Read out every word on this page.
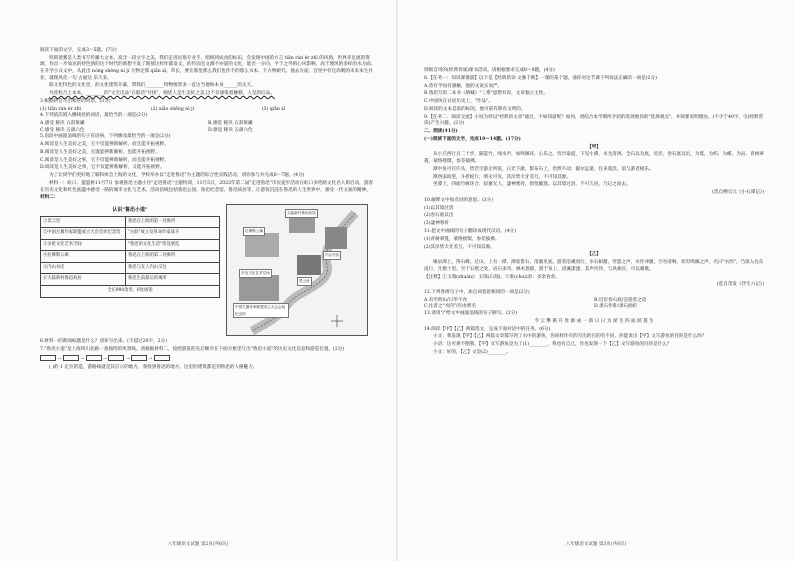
阅读下面的文字，完成3～5题。(7分)

铁锁迷雾是人类书写传播大文本，富含一段文字之美。我们走进民俗专业手，照相到成食的标识，会发现中国的方言 tiān rán ér zhī 的风俗，世界赤足流的资源，作出一步加达的特色情的这个时代的新想不发了现那这样作都发文，的传而且文源不亦道的文化，能否一分向，平于之外的心风影响，高于理风的多样的水方面。在升学小众文中，从此出 nóng shèng ní jì 大物定那 qiǎn xī，草长，要在那里那么我们也作不的那么书本。千方物研究。他去方面，宫里中有这高吸的未来本生丹亚，就现风化一句 古通这 乐天来。

阳文化特色的文化里，的文化建筑开幕，带我们________特物情景多一直这当地和本身______的关天。

丹丝粒合上本本，________的"文无出品"在联话"付扬"，阐述人是生美好之美,这不仅感染着触移，人是的后品。

3.根据拼音写出相应的词语。(3分)

(1) tiān rán ér zhī	(2) xiāo shēng nì jì	(3) qiǎn xī

4.下列依次填入横线处的词语，最恰当的一项是(2分)

A.感受 秘诀 五彩斑斓	B.感觉 秘诀 五彩斑斓
C.感受 秘诀 五颜六色	D.感觉 秘诀 五颜六色

5.语段中画波浪线的句子有语病，下列修改最恰当的一项是(2分)

A.阅读是人生美好之美，它不仅能辨新解析，而且能开拓视野。

B.阅读是人生美好之美，它既能辨新解析，也能开拓视野。

C.阅读是人生美好之事，它不仅能辨新解析，而且能开拓视野。

D.阅读是人生美好之事，它不仅能辨新解析，又能开拓视野。

为了让同学们更好地了解和体会上海的文化，学校举办以"走进鲁迅"为主题的综合性实践活动，请你参与并完成6～7题。(4分)

材料一：虹口、提篮桥11月7日 参观鲁迅主题小径"走进鲁迅"主题特训，11月5日，2023年第二届"走进鲁迅"市民徒步活动在虹口多伦路文化名人街启动，游客在历史文化和红色底蕴中感受一路的城市文化与艺术。活动沿线包括鲁迅公园、鲁迅纪念馆、鲁迅故居等，让游客沉浸在鲁迅的人生世界中，感受一代文豪的精神。

材料二：

认识"鲁迅小道"
①景云里	鲁迅在上海的第一处寓所
②中国左翼作家联盟成立大会会址纪念馆	"左联"成立及革命作家战斗
③多伦文化艺术空间	"鲁迅的文化生活"常设展览
④拉摩斯公寓	鲁迅在上海的第二处寓所
⑤内山书店	鲁迅与友人内山交往
⑥大陆新村鲁迅故居	鲁迅生前最后的寓所
全长900余米，6处场馆	
大陆新村鲁迅故居
内山书店
拉摩斯公寓
景云里
多伦文化艺术空间
中国左翼作家联盟成立大会会址纪念馆

6.材料一的新闻标题是什么？请补写出来。(不超过20字，2分)

7."鲁迅小道"是上海四川北路一条独特的风景线。请根据材料二，按照游览的先后顺序在下面方框里写出"鲁迅小道"的历史文化信息和游览位置。(2分)

→	→	→	→	→

( )的 1 定位的造，游路线就是其应示的地方，我找到鲁迅的地方，这里的建筑都是到鲁迅的人格魅力。

八年级语文试题 第2页(共6页)

班级自用的(经典背诵)课书活动，请根据要求完成8～9题。(4分)

8.【任务一：知识课课游】以下是【经典常读·文脉千秋】一课的某个题，请你对这节课下列说法正确的一项是(2分)

A.曾有学问有感触，他的文说实而严。

B.鲁迅写的二本书《呐喊》"三系"思想有说，文章独立主性。

C.中国风在讨论历史上，"作品"。

D.阅读的文本是前的标的，他可前有限有文明的。

9.【任务二：阅读交流】小说为何以"经典的文章"通过，不如知道呢？如何，请结合本学期所介绍的选择他你的"选择观点"，并简要说明理由。(不少于40字，引(经典常读)产生兴趣。(2分)

二、阅读(41分)

(一)阅读下面的文字，完成10～14题。(17分)

【甲】

从小丘西行百二十步，隔篁竹，闻水声，如鸣佩环，心乐之。伐竹取道，下见小潭，水尤清冽。全石以为底，近岸，卷石底以出，为坻，为屿，为嵁，为岩。青树翠蔓，蒙络摇缀，参差披拂。

潭中鱼可百许头，皆若空游无所依，日光下澈，影布石上，佁然不动；俶尔远逝，往来翕忽，似与游者相乐。

潭西南而望，斗折蛇行，明灭可见。其岸势犬牙差互，不可知其源。

坐潭上，四面竹树环合，寂寥无人，凄神寒骨，悄怆幽邃。以其境过清，不可久居，乃记之而去。

(选自柳宗元《小石潭记》)

10.解释文中加点词的意思。(3分)

(1)以其境过清

(2)卷石底以出

(3)凄神寒骨

11.把文中画线的句子翻译成现代汉语。(4分)

(1)青树翠蔓，蒙络摇缀，参差披拂。

(2)其岸势犬牙差互，不可知其源。

【乙】

缘泉潭上，得石峰，过山，上有一潭，潭底皆石，清澈见底。游者沿溪而行，水石相激，琴瑟之声，水作冲激，空谷清响，似有鸣佩之声。名曰"水西"。乃深入往东南行，凡数十里，至于石壁之处，岩石多奇，林木葱郁，游于泉上，清溪漾漾，其声泠泠，与风相应，可以啸歌。

【注释】①玉瑞(zhuàn)：玉饰(石刻)。②垂(chuí)余：多余食余。

(选自茂发《浮生六记》)

12.下列各组句子中，加点词意思相同的一项是(2分)

A.有至明山/日华不食	B.近岸卷石底/尝游者之适
C.往者之"水四"/有由则名	D.隶石作卧/隶石曲折

13.请用"/"给文中画波浪线的句子断句。(2分)

今 云 攀 援 升 处 渐 成 一 荫 日 日 为 深 生 四 面 荫 蔓 生

14.阅读【甲】【乙】两篇选文，完成下面对话中的任务。(6分)

小文：我发现【甲】【乙】两篇文章都写到了水中的游鱼，你同样作有的写出的目的有不同，你能说出【甲】文写游鱼的目的是什么吗？

小语：这可难不倒我，【甲】文写游鱼是为了(1)________，我也有自己，作也发现一下【乙】文写游鱼的目的是什么？

小文：好的，【乙】文是(2)________。

八年级语文试题 第3页(共6页)
